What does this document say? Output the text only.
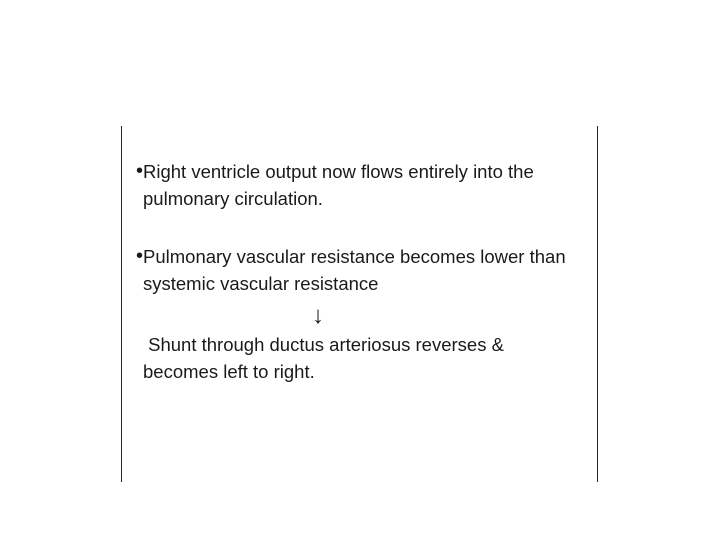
• Right ventricle output now flows entirely into the pulmonary circulation.
• Pulmonary vascular resistance becomes lower than systemic vascular resistance
↓
Shunt through ductus arteriosus reverses & becomes left to right.
